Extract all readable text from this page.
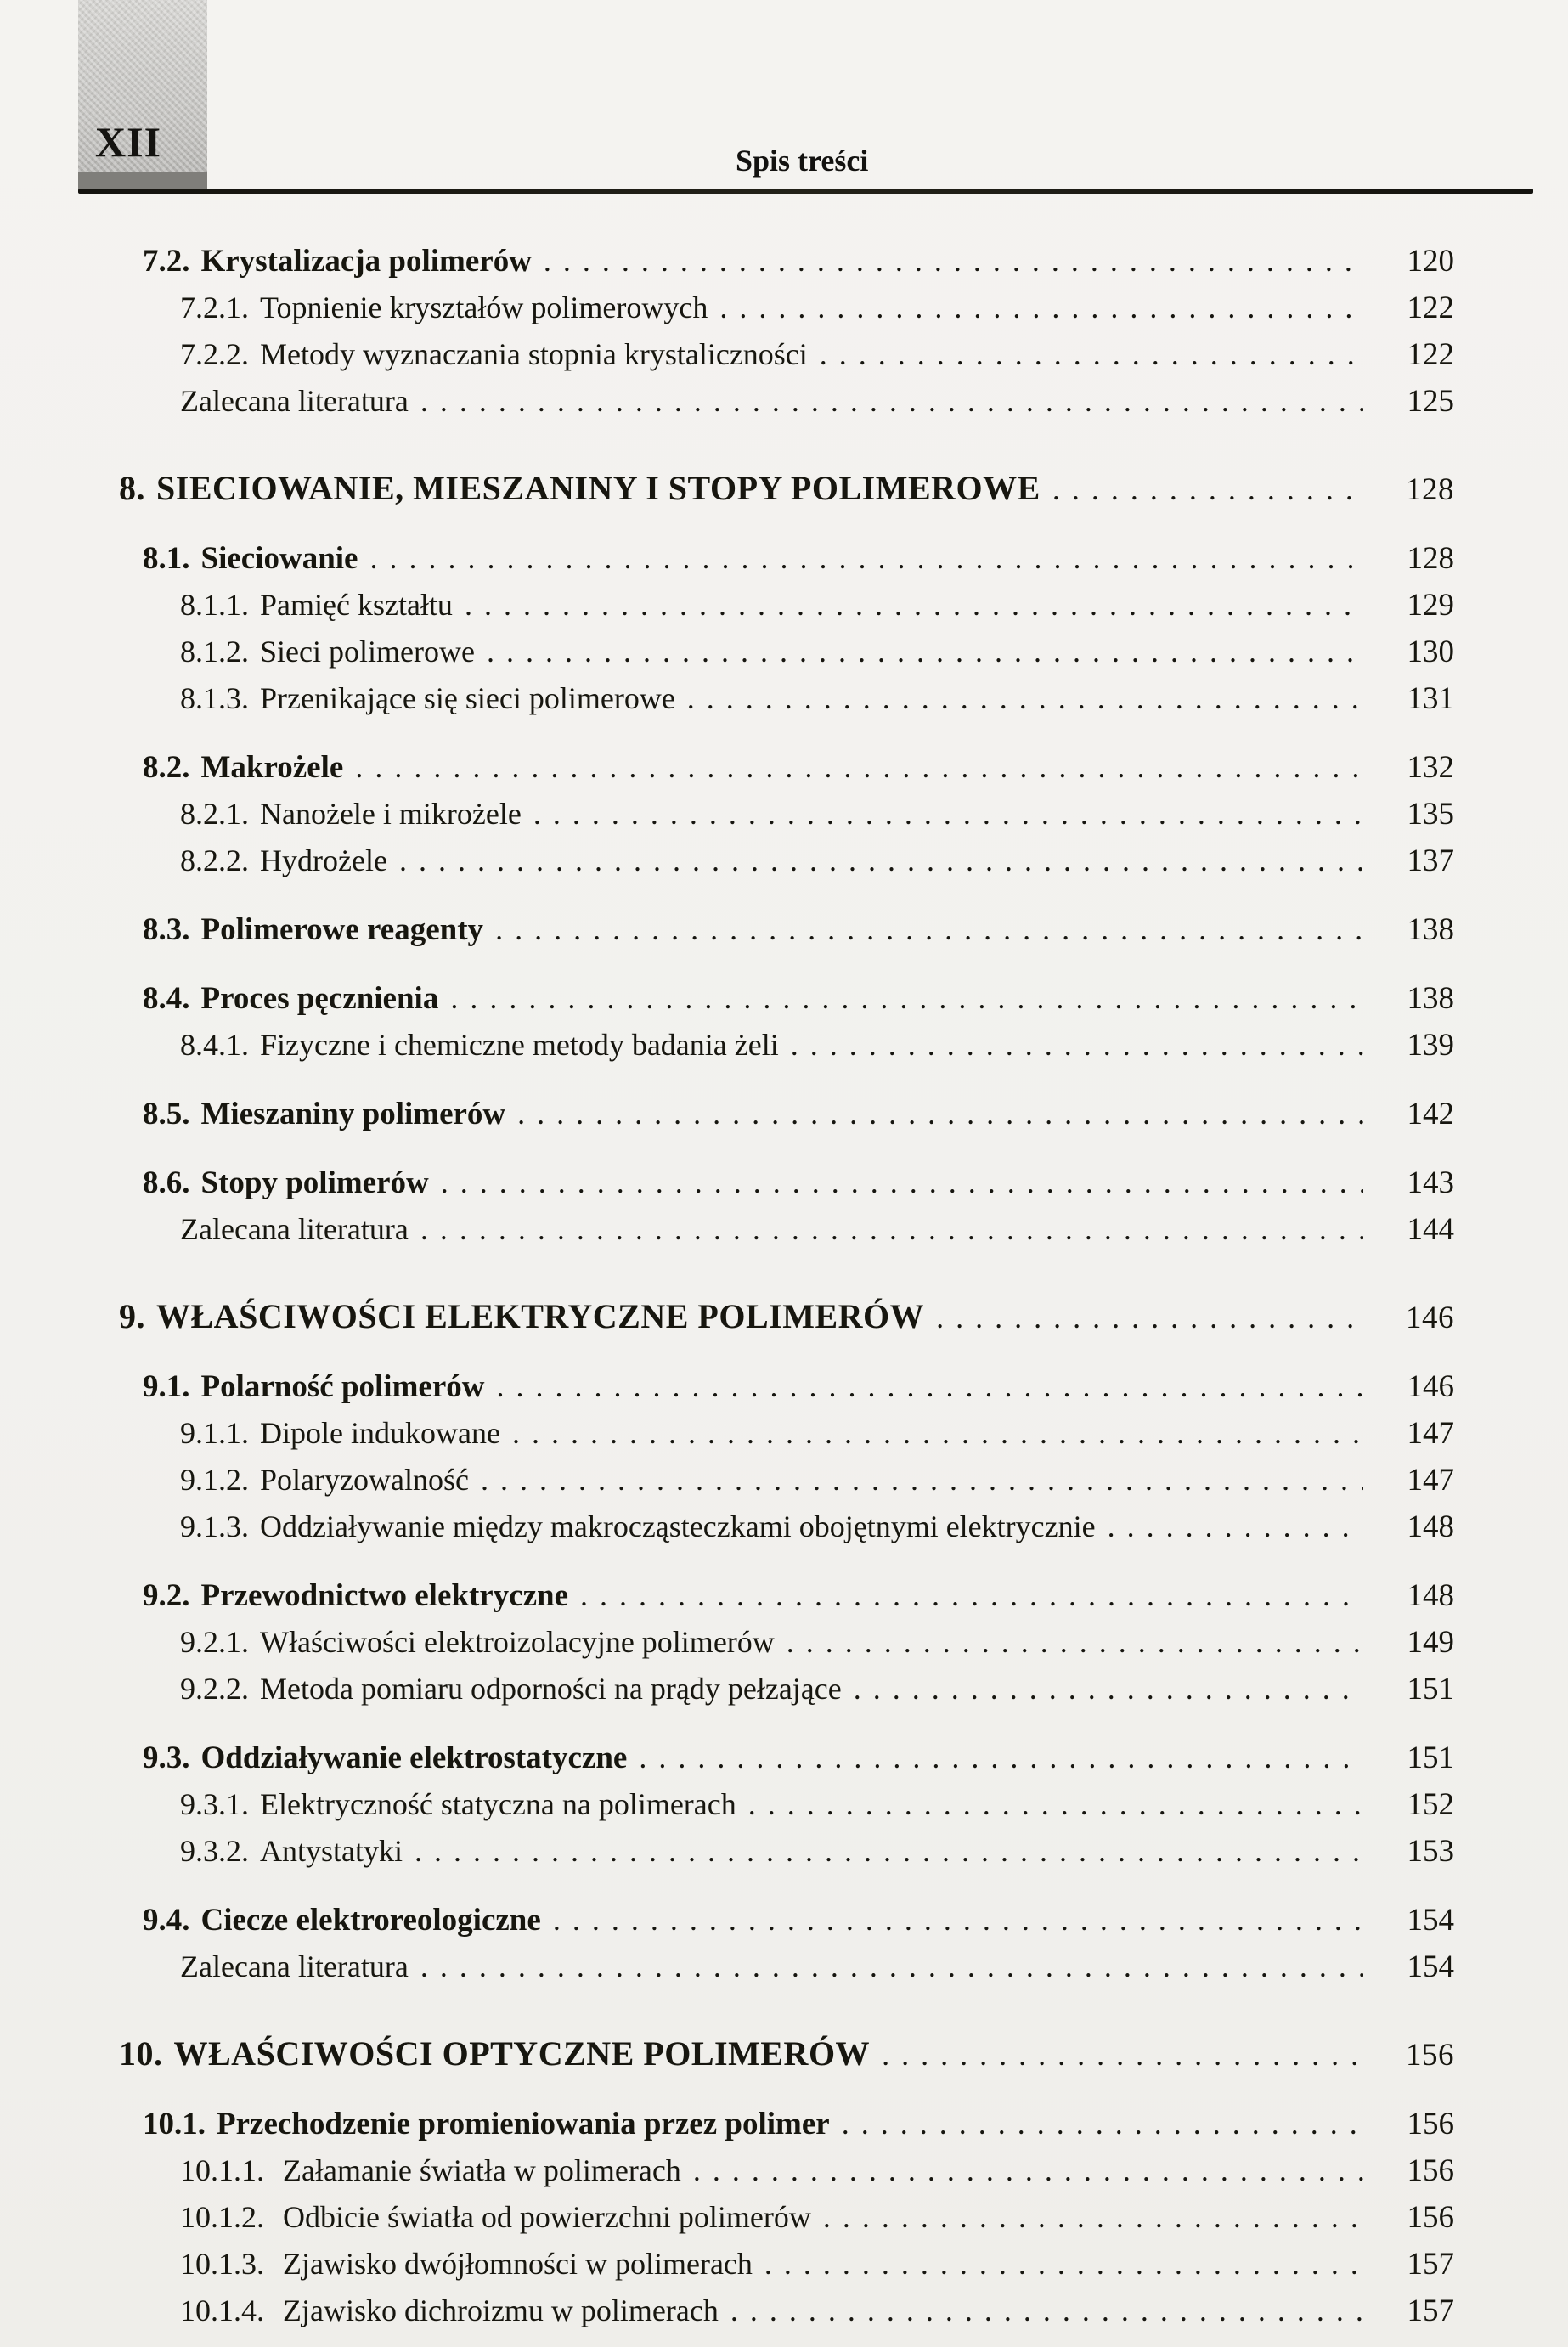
XII	Spis treści
7.2. Krystalizacja polimerów .....	120
7.2.1. Topnienie kryształów polimerowych .....	122
7.2.2. Metody wyznaczania stopnia krystaliczności .....	122
Zalecana literatura .....	125
8. SIECIOWANIE, MIESZANINY I STOPY POLIMEROWE .....	128
8.1. Sieciowanie .....	128
8.1.1. Pamięć kształtu .....	129
8.1.2. Sieci polimerowe .....	130
8.1.3. Przenikające się sieci polimerowe .....	131
8.2. Makrożele .....	132
8.2.1. Nanożele i mikrożele .....	135
8.2.2. Hydrożele .....	137
8.3. Polimerowe reagenty .....	138
8.4. Proces pęcznienia .....	138
8.4.1. Fizyczne i chemiczne metody badania żeli .....	139
8.5. Mieszaniny polimerów .....	142
8.6. Stopy polimerów .....	143
Zalecana literatura .....	144
9. WŁAŚCIWOŚCI ELEKTRYCZNE POLIMERÓW .....	146
9.1. Polarność polimerów .....	146
9.1.1. Dipole indukowane .....	147
9.1.2. Polaryzowalność .....	147
9.1.3. Oddziaływanie między makrocząsteczkami obojętnymi elektrycznie .....	148
9.2. Przewodnictwo elektryczne .....	148
9.2.1. Właściwości elektroizolacyjne polimerów .....	149
9.2.2. Metoda pomiaru odporności na prądy pełzające .....	151
9.3. Oddziaływanie elektrostatyczne .....	151
9.3.1. Elektryczność statyczna na polimerach .....	152
9.3.2. Antystatyki .....	153
9.4. Ciecze elektroreologiczne .....	154
Zalecana literatura .....	154
10. WŁAŚCIWOŚCI OPTYCZNE POLIMERÓW .....	156
10.1. Przechodzenie promieniowania przez polimer .....	156
10.1.1. Załamanie światła w polimerach .....	156
10.1.2. Odbicie światła od powierzchni polimerów .....	156
10.1.3. Zjawisko dwójłomności w polimerach .....	157
10.1.4. Zjawisko dichroizmu w polimerach .....	157
